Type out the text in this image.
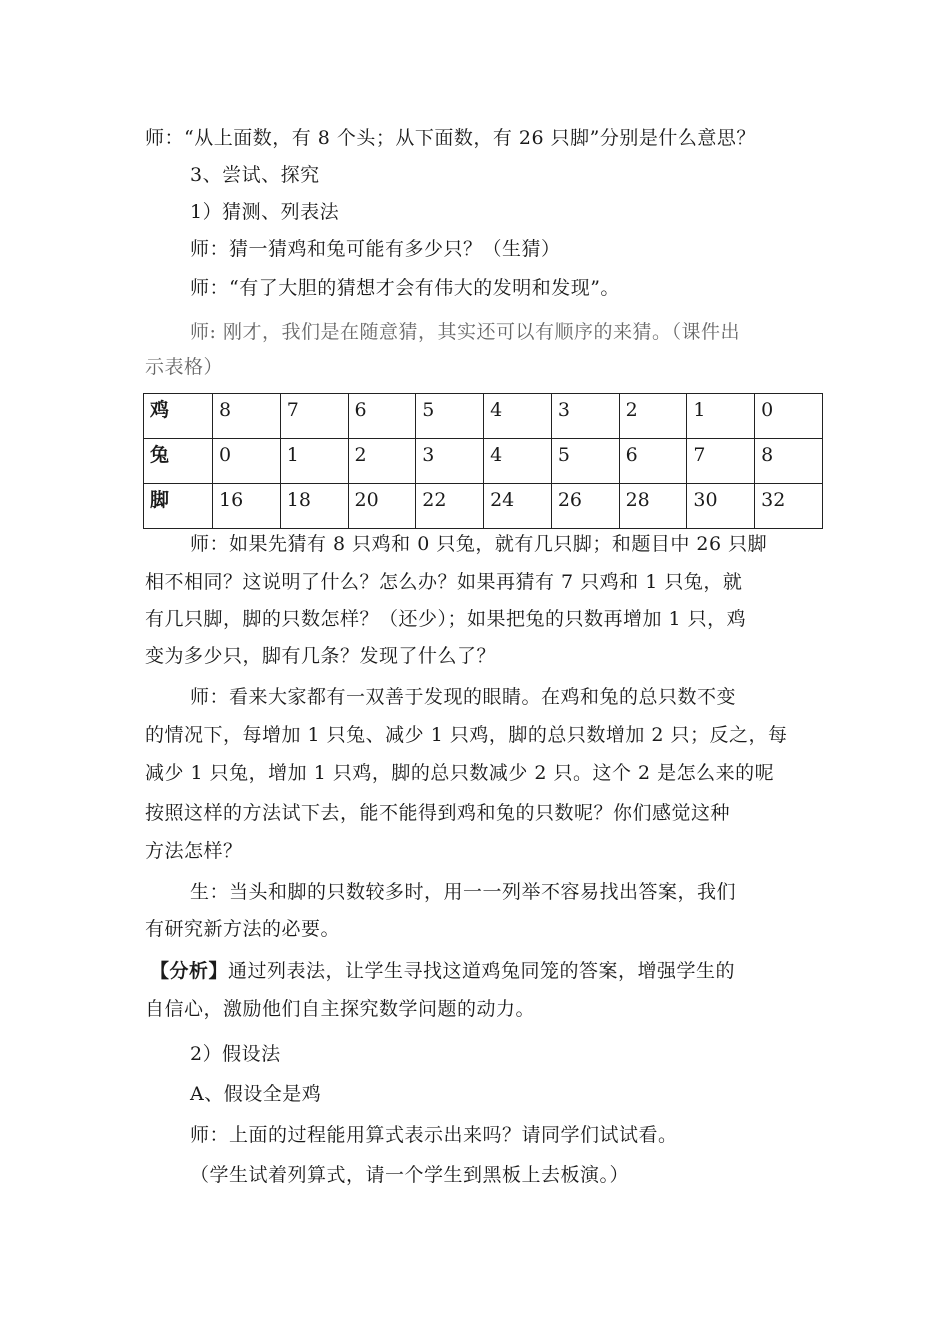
师：“从上面数，有 8 个头；从下面数，有 26 只脚”分别是什么意思？
3、尝试、探究
1）猜测、列表法
师：猜一猜鸡和兔可能有多少只？（生猜）
师：“有了大胆的猜想才会有伟大的发明和发现”。
师: 刚才，我们是在随意猜，其实还可以有顺序的来猜。（课件出
示表格）
鸡	8	7	6	5	4	3	2	1	0
兔	0	1	2	3	4	5	6	7	8
脚	16	18	20	22	24	26	28	30	32
师：如果先猜有 8 只鸡和 0 只兔，就有几只脚；和题目中 26 只脚
相不相同？这说明了什么？怎么办？如果再猜有 7 只鸡和 1 只兔，就
有几只脚，脚的只数怎样？（还少）；如果把兔的只数再增加 1 只，鸡
变为多少只，脚有几条？发现了什么了？
师：看来大家都有一双善于发现的眼睛。在鸡和兔的总只数不变
的情况下，每增加 1 只兔、减少 1 只鸡，脚的总只数增加 2 只；反之，每
减少 1 只兔，增加 1 只鸡，脚的总只数减少 2 只。这个 2 是怎么来的呢
按照这样的方法试下去，能不能得到鸡和兔的只数呢？你们感觉这种
方法怎样？
生：当头和脚的只数较多时，用一一列举不容易找出答案，我们
有研究新方法的必要。
【分析】通过列表法，让学生寻找这道鸡兔同笼的答案，增强学生的
自信心，激励他们自主探究数学问题的动力。
2）假设法
A、假设全是鸡
师：上面的过程能用算式表示出来吗？请同学们试试看。
（学生试着列算式，请一个学生到黑板上去板演。）
